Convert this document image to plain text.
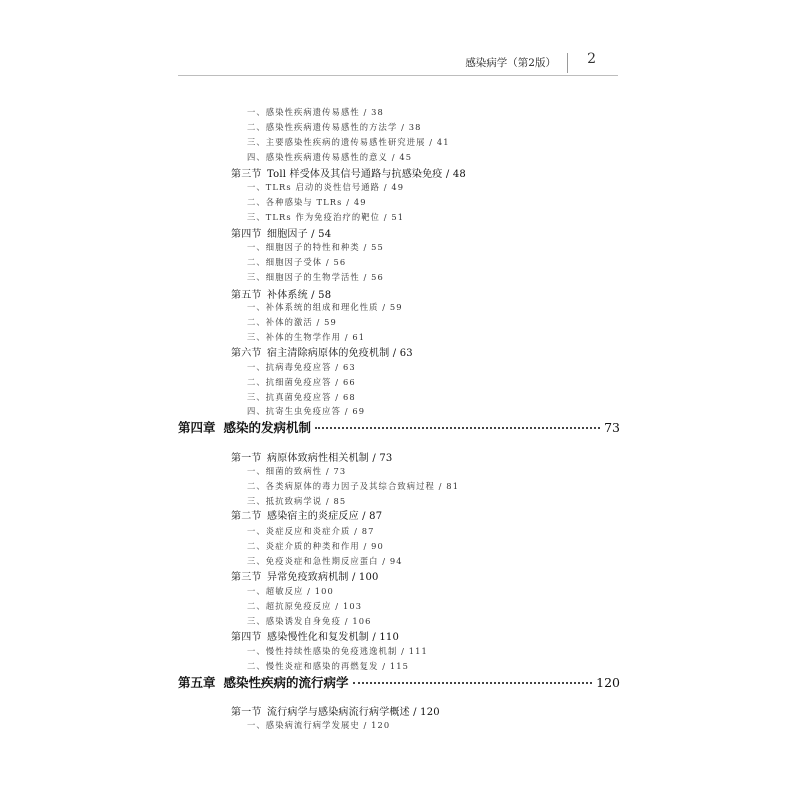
感染病学（第2版） 2
一、感染性疾病遗传易感性 / 38
二、感染性疾病遗传易感性的方法学 / 38
三、主要感染性疾病的遗传易感性研究进展 / 41
四、感染性疾病遗传易感性的意义 / 45
第三节 Toll 样受体及其信号通路与抗感染免疫 / 48
一、TLRs 启动的炎性信号通路 / 49
二、各种感染与 TLRs / 49
三、TLRs 作为免疫治疗的靶位 / 51
第四节 细胞因子 / 54
一、细胞因子的特性和种类 / 55
二、细胞因子受体 / 56
三、细胞因子的生物学活性 / 56
第五节 补体系统 / 58
一、补体系统的组成和理化性质 / 59
二、补体的激活 / 59
三、补体的生物学作用 / 61
第六节 宿主清除病原体的免疫机制 / 63
一、抗病毒免疫应答 / 63
二、抗细菌免疫应答 / 66
三、抗真菌免疫应答 / 68
四、抗寄生虫免疫应答 / 69
第四章 感染的发病机制	73
第一节 病原体致病性相关机制 / 73
一、细菌的致病性 / 73
二、各类病原体的毒力因子及其综合致病过程 / 81
三、抵抗致病学说 / 85
第二节 感染宿主的炎症反应 / 87
一、炎症反应和炎症介质 / 87
二、炎症介质的种类和作用 / 90
三、免疫炎症和急性期反应蛋白 / 94
第三节 异常免疫致病机制 / 100
一、超敏反应 / 100
二、超抗原免疫反应 / 103
三、感染诱发自身免疫 / 106
第四节 感染慢性化和复发机制 / 110
一、慢性持续性感染的免疫逃逸机制 / 111
二、慢性炎症和感染的再燃复发 / 115
第五章 感染性疾病的流行病学	120
第一节 流行病学与感染病流行病学概述 / 120
一、感染病流行病学发展史 / 120
